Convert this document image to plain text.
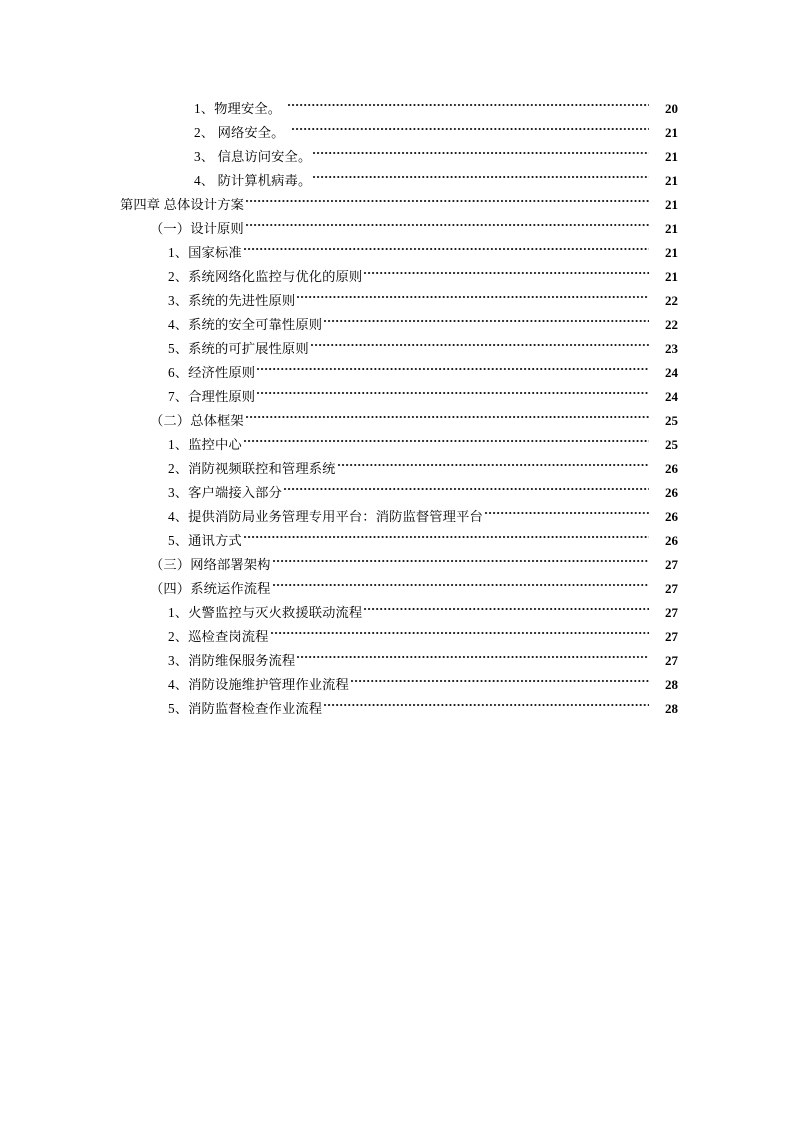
1、物理安全。	20
2、 网络安全。	21
3、 信息访问安全。	21
4、 防计算机病毒。	21
第四章 总体设计方案	21
（一）设计原则	21
1、国家标准	21
2、系统网络化监控与优化的原则	21
3、系统的先进性原则	22
4、系统的安全可靠性原则	22
5、系统的可扩展性原则	23
6、经济性原则	24
7、合理性原则	24
（二）总体框架	25
1、监控中心	25
2、消防视频联控和管理系统	26
3、客户端接入部分	26
4、提供消防局业务管理专用平台：消防监督管理平台	26
5、通讯方式	26
（三）网络部署架构	27
（四）系统运作流程	27
1、火警监控与灭火救援联动流程	27
2、巡检查岗流程	27
3、消防维保服务流程	27
4、消防设施维护管理作业流程	28
5、消防监督检查作业流程	28
